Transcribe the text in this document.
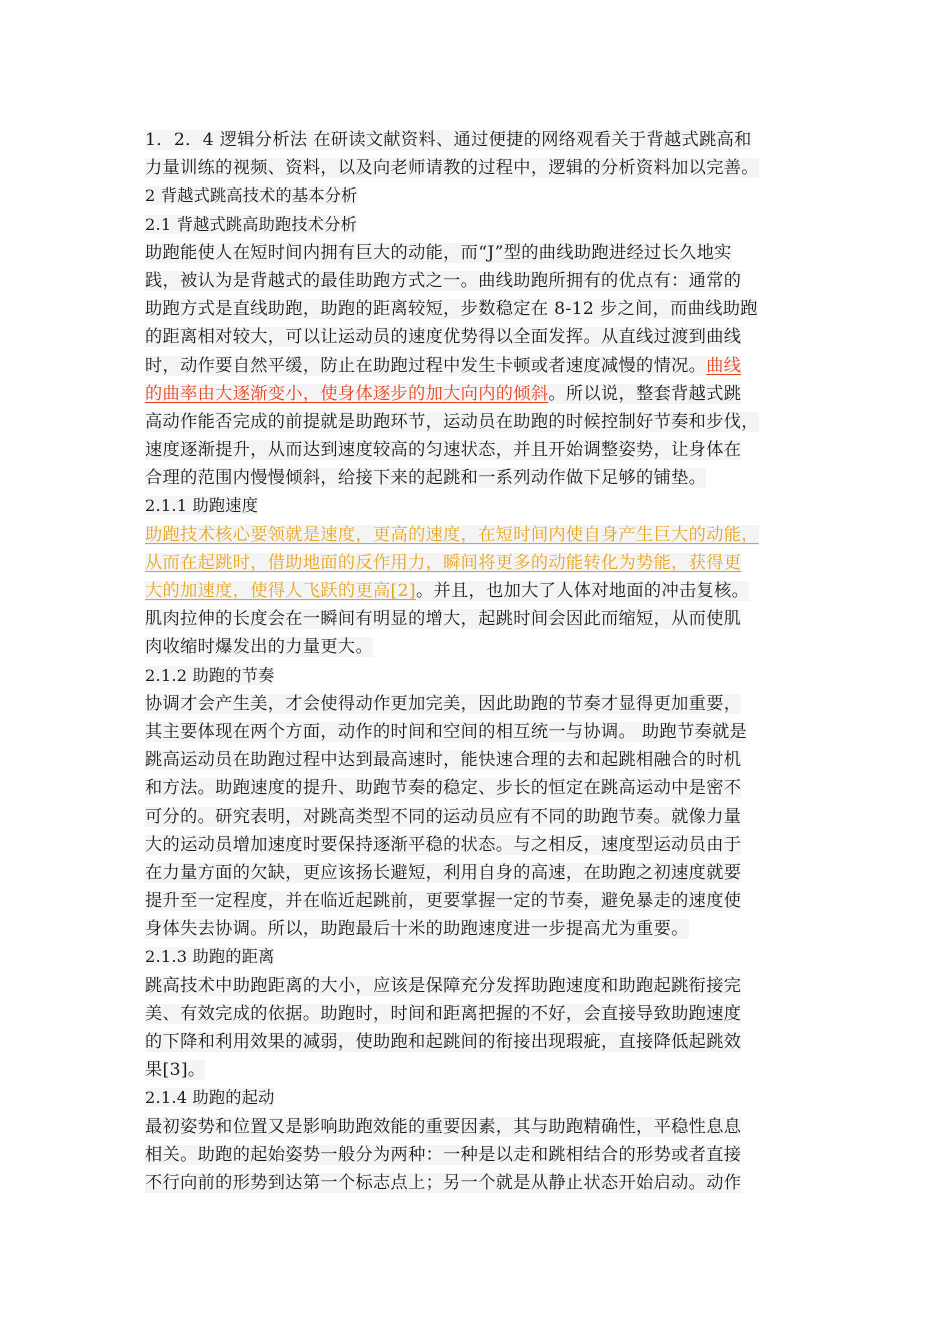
1．2．4 逻辑分析法 在研读文献资料、通过便捷的网络观看关于背越式跳高和
力量训练的视频、资料，以及向老师请教的过程中，逻辑的分析资料加以完善。
2 背越式跳高技术的基本分析
2.1 背越式跳高助跑技术分析
助跑能使人在短时间内拥有巨大的动能，而“J”型的曲线助跑进经过长久地实
践，被认为是背越式的最佳助跑方式之一。曲线助跑所拥有的优点有：通常的
助跑方式是直线助跑，助跑的距离较短，步数稳定在 8-12 步之间，而曲线助跑
的距离相对较大，可以让运动员的速度优势得以全面发挥。从直线过渡到曲线
时，动作要自然平缓，防止在助跑过程中发生卡顿或者速度减慢的情况。曲线
的曲率由大逐渐变小，使身体逐步的加大向内的倾斜。所以说，整套背越式跳
高动作能否完成的前提就是助跑环节，运动员在助跑的时候控制好节奏和步伐，
速度逐渐提升，从而达到速度较高的匀速状态，并且开始调整姿势，让身体在
合理的范围内慢慢倾斜，给接下来的起跳和一系列动作做下足够的铺垫。
2.1.1 助跑速度
助跑技术核心要领就是速度，更高的速度，在短时间内使自身产生巨大的动能，
从而在起跳时，借助地面的反作用力，瞬间将更多的动能转化为势能，获得更
大的加速度，使得人飞跃的更高[2]。并且，也加大了人体对地面的冲击复核。
肌肉拉伸的长度会在一瞬间有明显的增大，起跳时间会因此而缩短，从而使肌
肉收缩时爆发出的力量更大。
2.1.2 助跑的节奏
协调才会产生美，才会使得动作更加完美，因此助跑的节奏才显得更加重要，
其主要体现在两个方面，动作的时间和空间的相互统一与协调。 助跑节奏就是
跳高运动员在助跑过程中达到最高速时，能快速合理的去和起跳相融合的时机
和方法。助跑速度的提升、助跑节奏的稳定、步长的恒定在跳高运动中是密不
可分的。研究表明，对跳高类型不同的运动员应有不同的助跑节奏。就像力量
大的运动员增加速度时要保持逐渐平稳的状态。与之相反，速度型运动员由于
在力量方面的欠缺，更应该扬长避短，利用自身的高速，在助跑之初速度就要
提升至一定程度，并在临近起跳前，更要掌握一定的节奏，避免暴走的速度使
身体失去协调。所以，助跑最后十米的助跑速度进一步提高尤为重要。
2.1.3 助跑的距离
跳高技术中助跑距离的大小，应该是保障充分发挥助跑速度和助跑起跳衔接完
美、有效完成的依据。助跑时，时间和距离把握的不好，会直接导致助跑速度
的下降和利用效果的减弱，使助跑和起跳间的衔接出现瑕疵，直接降低起跳效
果[3]。
2.1.4 助跑的起动
最初姿势和位置又是影响助跑效能的重要因素，其与助跑精确性，平稳性息息
相关。助跑的起始姿势一般分为两种：一种是以走和跳相结合的形势或者直接
不行向前的形势到达第一个标志点上；另一个就是从静止状态开始启动。动作
